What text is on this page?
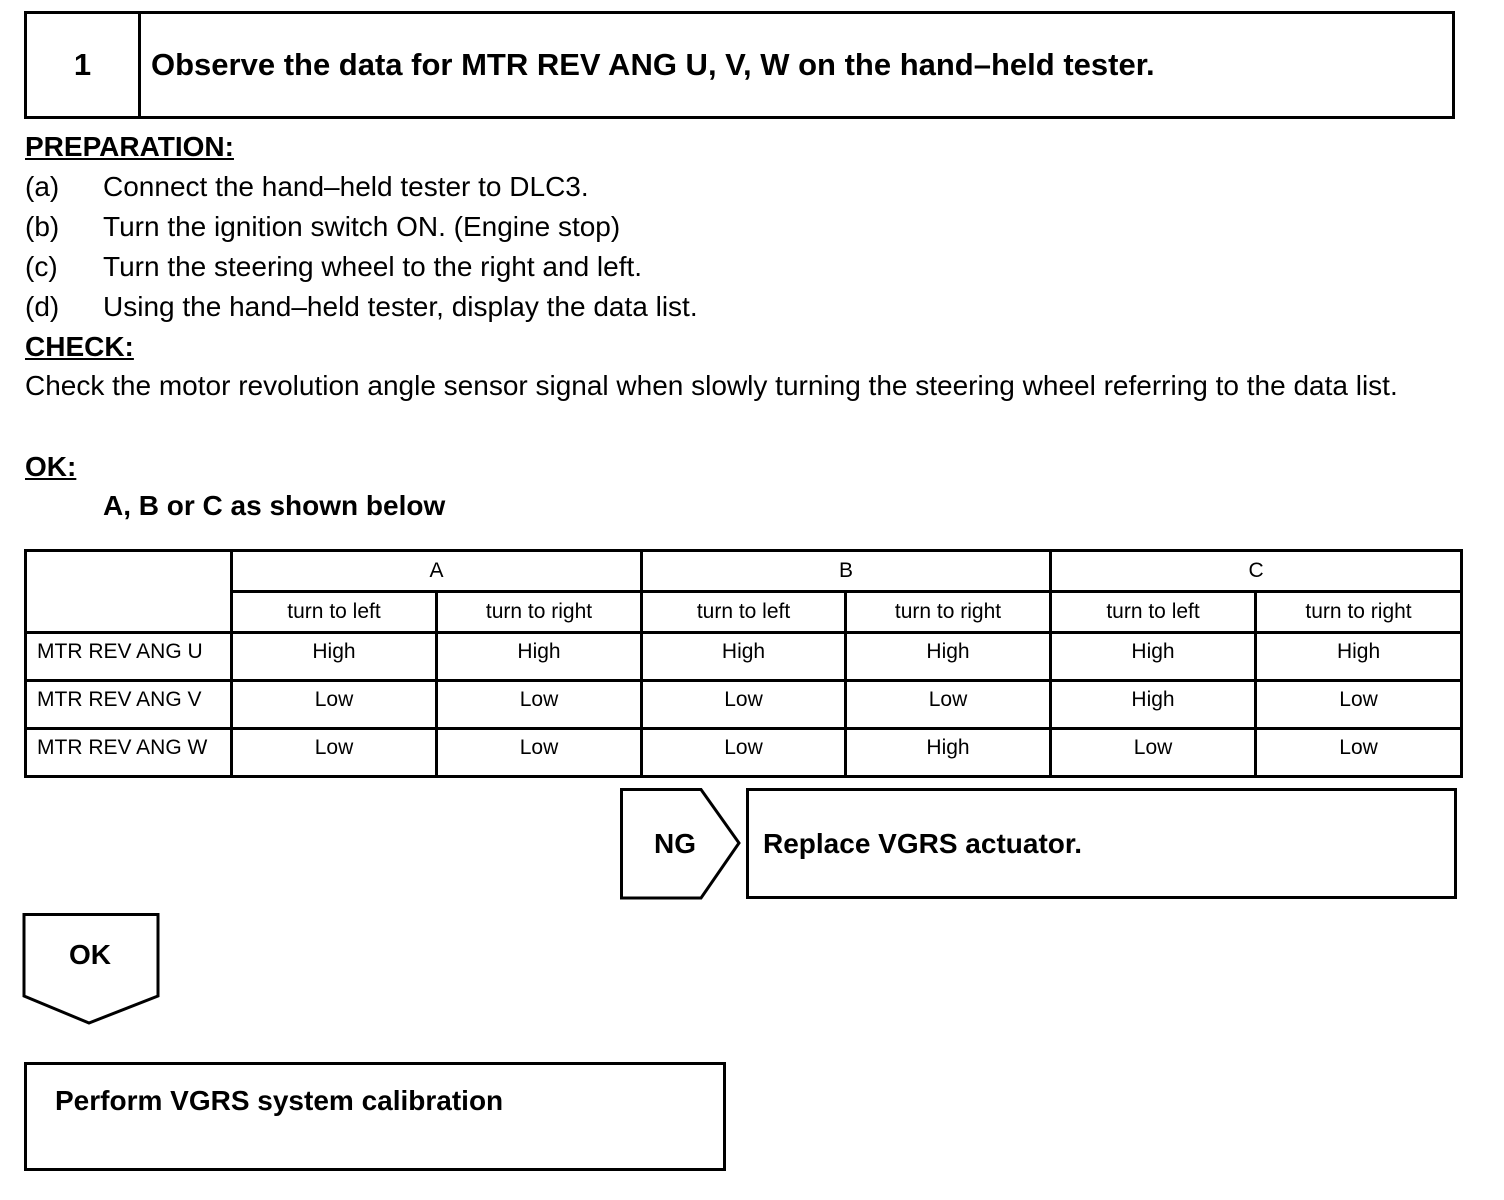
1	Observe the data for MTR REV ANG U, V, W on the hand–held tester.
PREPARATION:
(a) Connect the hand–held tester to DLC3.
(b) Turn the ignition switch ON. (Engine stop)
(c) Turn the steering wheel to the right and left.
(d) Using the hand–held tester, display the data list.
CHECK:
Check the motor revolution angle sensor signal when slowly turning the steering wheel referring to the data list.
OK:
A, B or C as shown below
	A		B		C	
	turn to left	turn to right	turn to left	turn to right	turn to left	turn to right
MTR REV ANG U	High	High	High	High	High	High
MTR REV ANG V	Low	Low	Low	Low	High	Low
MTR REV ANG W	Low	Low	Low	High	Low	Low
NG	Replace VGRS actuator.
OK
Perform VGRS system calibration
